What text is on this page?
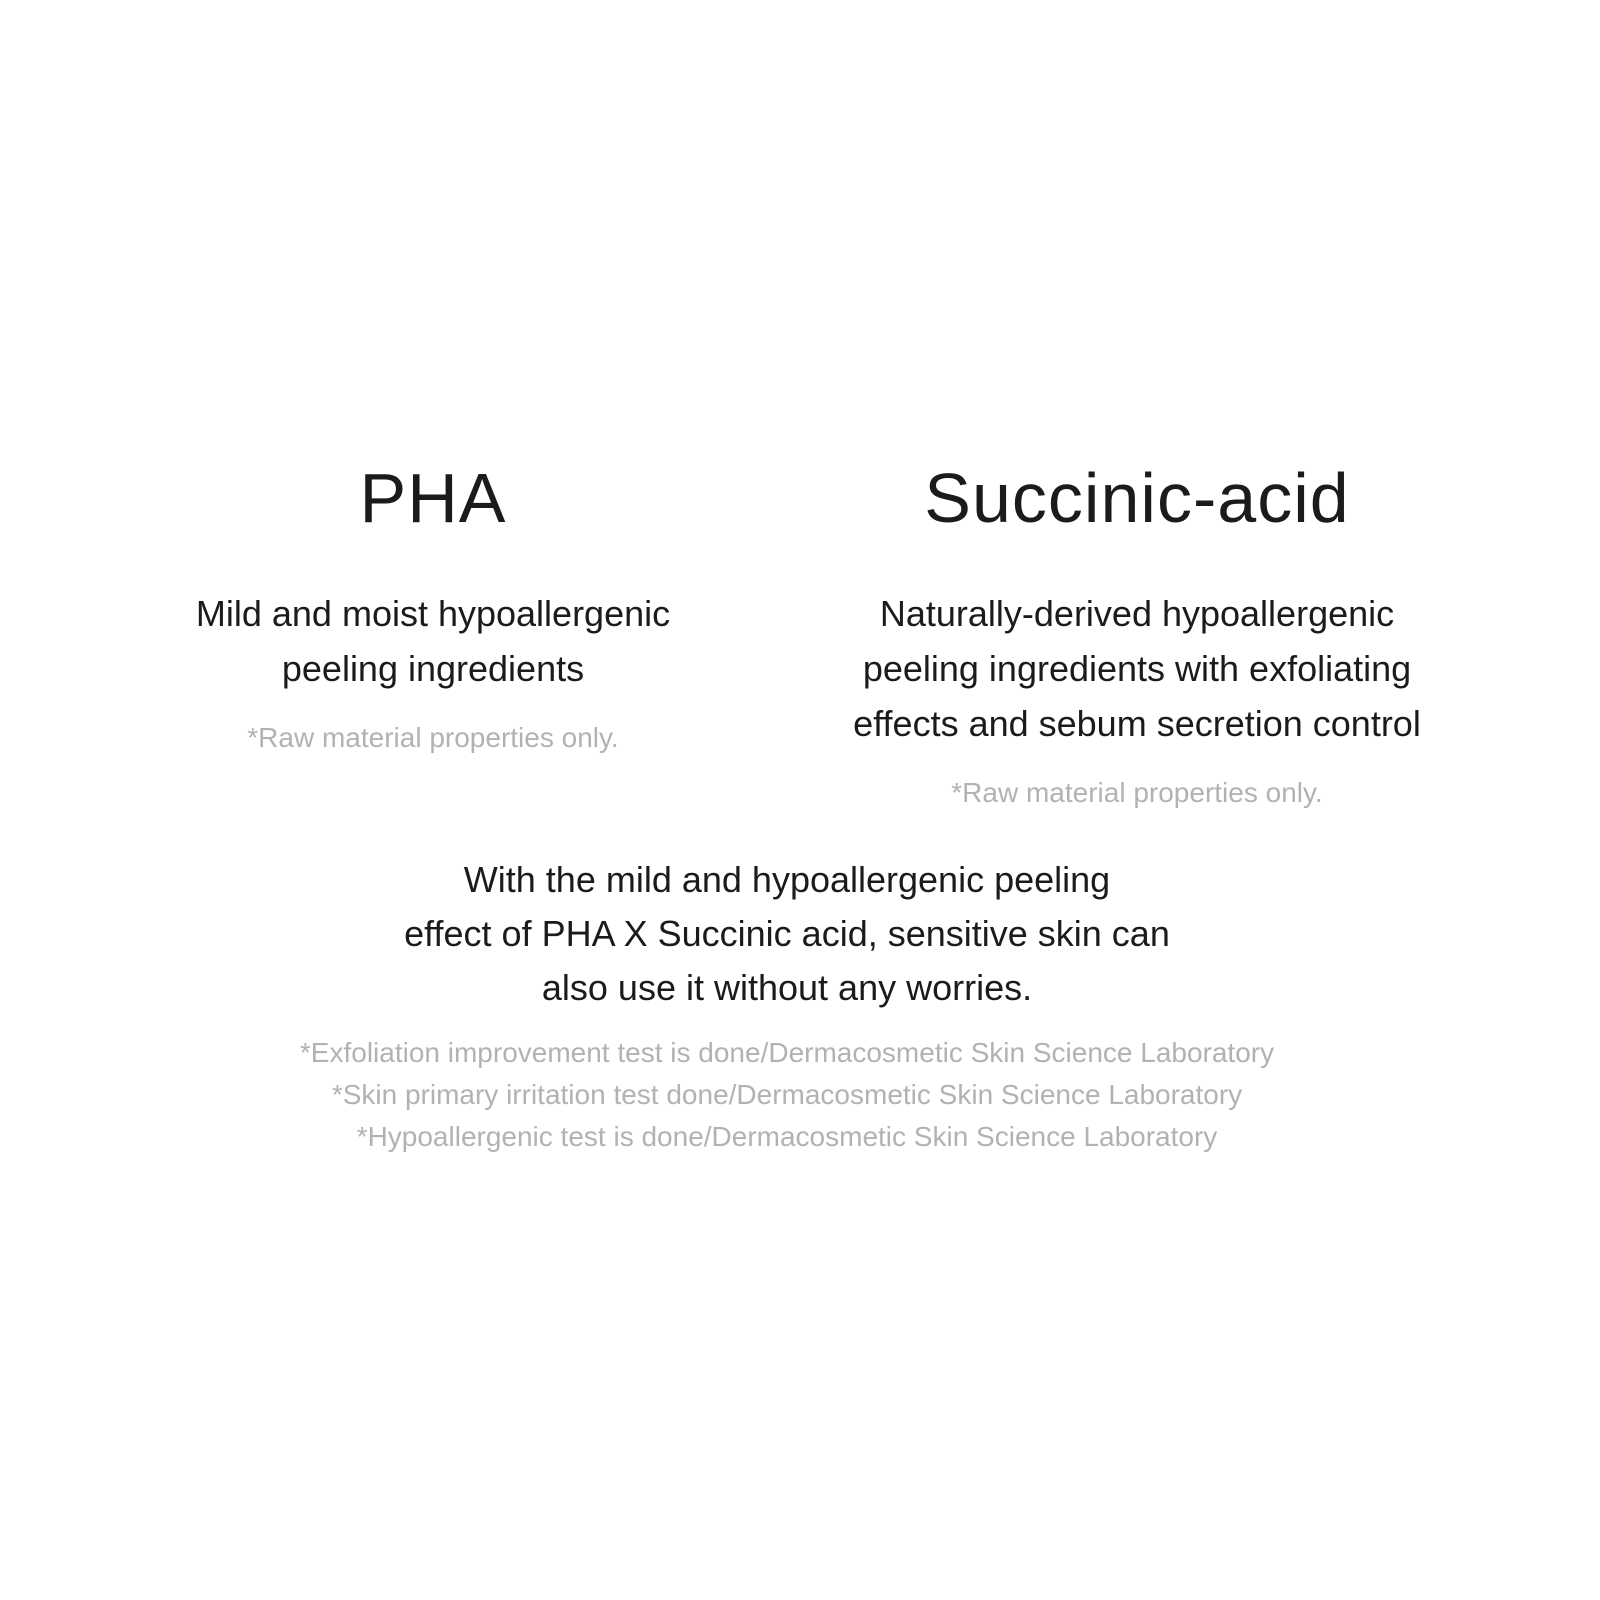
PHA
Mild and moist hypoallergenic
peeling ingredients
*Raw material properties only.
Succinic-acid
Naturally-derived hypoallergenic
peeling ingredients with exfoliating
effects and sebum secretion control
*Raw material properties only.
With the mild and hypoallergenic peeling
effect of PHA X Succinic acid, sensitive skin can
also use it without any worries.
*Exfoliation improvement test is done/Dermacosmetic Skin Science Laboratory
*Skin primary irritation test done/Dermacosmetic Skin Science Laboratory
*Hypoallergenic test is done/Dermacosmetic Skin Science Laboratory
